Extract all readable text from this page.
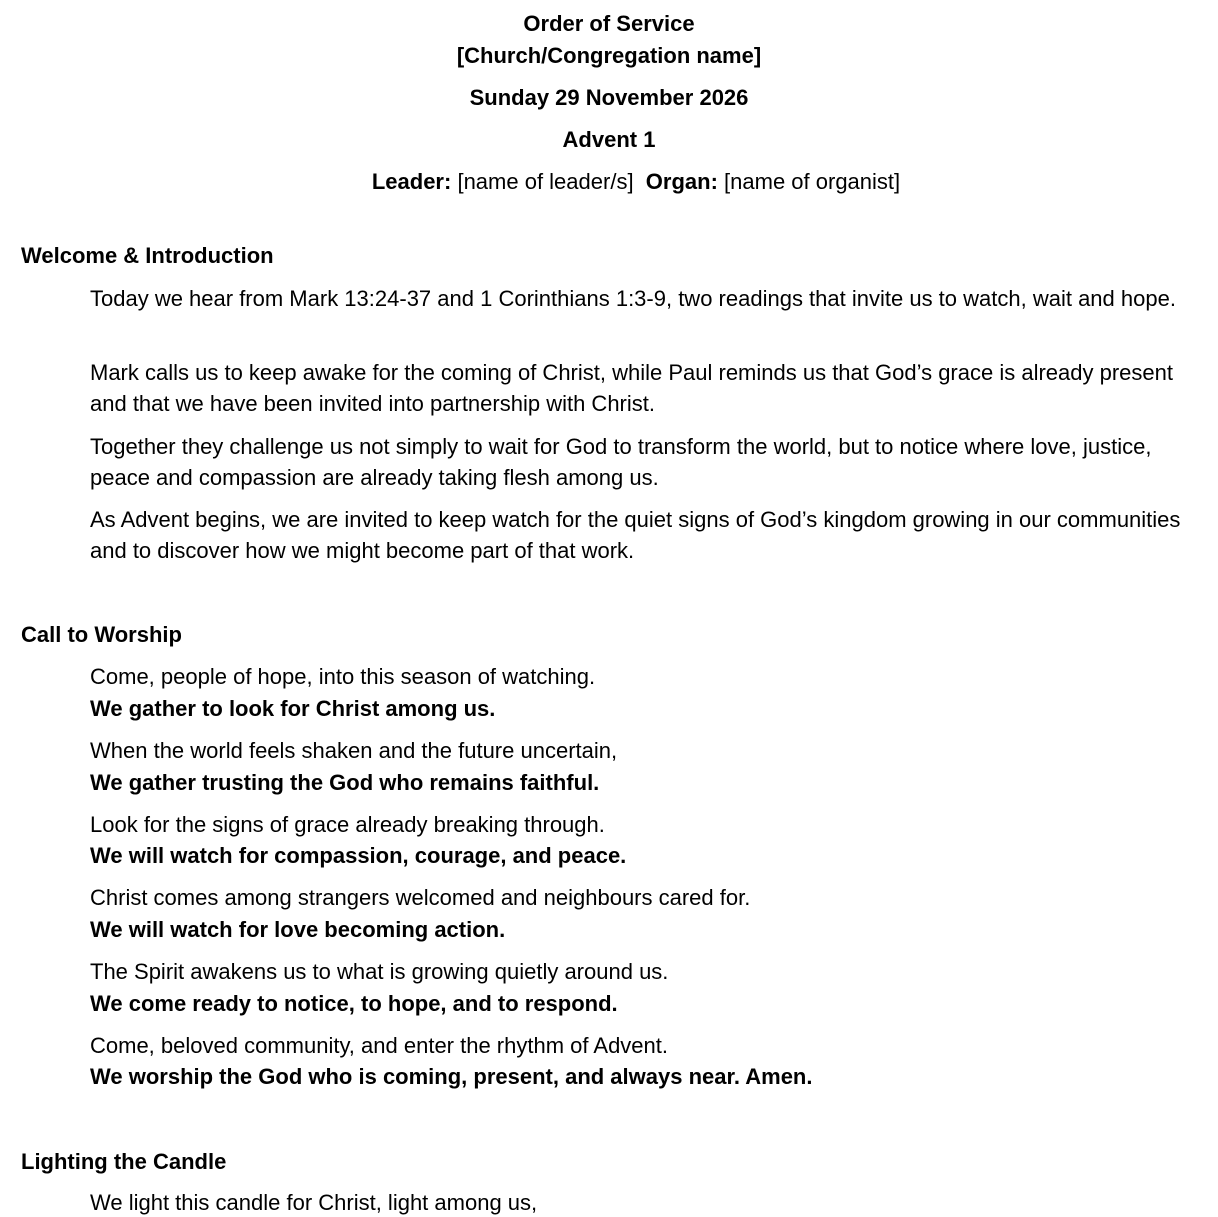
Order of Service
[Church/Congregation name]
Sunday 29 November 2026
Advent 1
Leader: [name of leader/s] Organ: [name of organist]
Welcome & Introduction
Today we hear from Mark 13:24-37 and 1 Corinthians 1:3-9, two readings that invite us to watch, wait and hope.
Mark calls us to keep awake for the coming of Christ, while Paul reminds us that God’s grace is already present and that we have been invited into partnership with Christ.
Together they challenge us not simply to wait for God to transform the world, but to notice where love, justice, peace and compassion are already taking flesh among us.
As Advent begins, we are invited to keep watch for the quiet signs of God’s kingdom growing in our communities and to discover how we might become part of that work.
Call to Worship
Come, people of hope, into this season of watching.
We gather to look for Christ among us.
When the world feels shaken and the future uncertain,
We gather trusting the God who remains faithful.
Look for the signs of grace already breaking through.
We will watch for compassion, courage, and peace.
Christ comes among strangers welcomed and neighbours cared for.
We will watch for love becoming action.
The Spirit awakens us to what is growing quietly around us.
We come ready to notice, to hope, and to respond.
Come, beloved community, and enter the rhythm of Advent.
We worship the God who is coming, present, and always near. Amen.
Lighting the Candle
We light this candle for Christ, light among us,
